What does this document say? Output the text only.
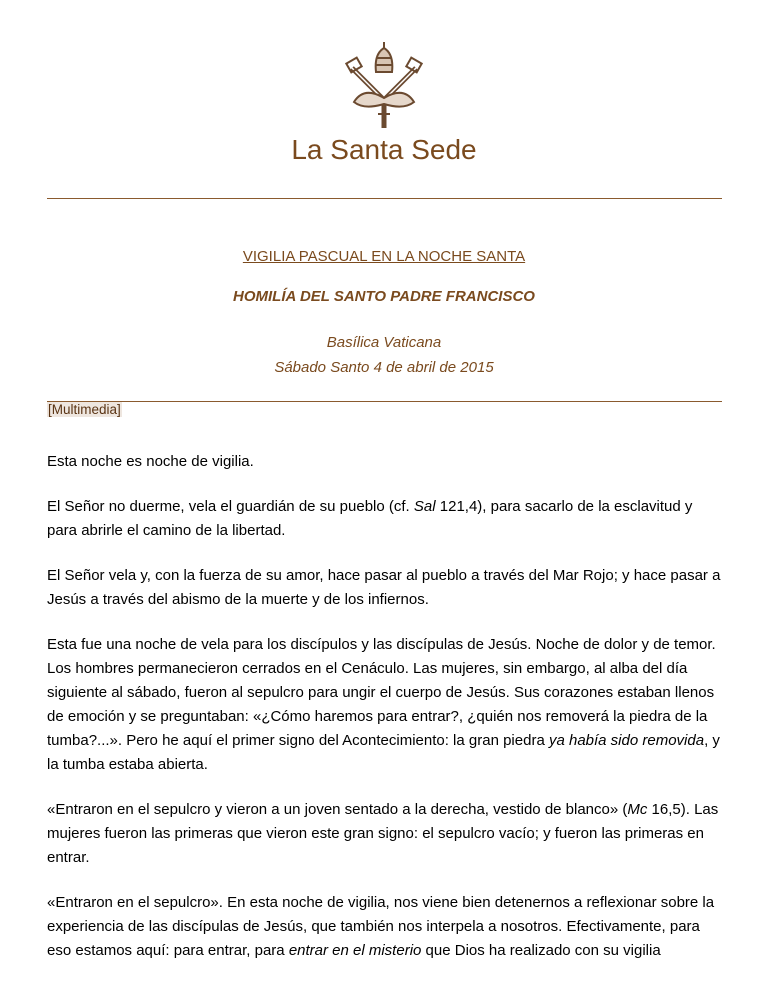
La Santa Sede
VIGILIA PASCUAL EN LA NOCHE SANTA
HOMILÍA DEL SANTO PADRE FRANCISCO
Basílica Vaticana
Sábado Santo 4 de abril de 2015
[Multimedia]

Esta noche es noche de vigilia.

El Señor no duerme, vela el guardián de su pueblo (cf. Sal 121,4), para sacarlo de la esclavitud y para abrirle el camino de la libertad.

El Señor vela y, con la fuerza de su amor, hace pasar al pueblo a través del Mar Rojo; y hace pasar a Jesús a través del abismo de la muerte y de los infiernos.

Esta fue una noche de vela para los discípulos y las discípulas de Jesús. Noche de dolor y de temor. Los hombres permanecieron cerrados en el Cenáculo. Las mujeres, sin embargo, al alba del día siguiente al sábado, fueron al sepulcro para ungir el cuerpo de Jesús. Sus corazones estaban llenos de emoción y se preguntaban: «¿Cómo haremos para entrar?, ¿quién nos removerá la piedra de la tumba?...». Pero he aquí el primer signo del Acontecimiento: la gran piedra ya había sido removida, y la tumba estaba abierta.

«Entraron en el sepulcro y vieron a un joven sentado a la derecha, vestido de blanco» (Mc 16,5). Las mujeres fueron las primeras que vieron este gran signo: el sepulcro vacío; y fueron las primeras en entrar.

«Entraron en el sepulcro». En esta noche de vigilia, nos viene bien detenernos a reflexionar sobre la experiencia de las discípulas de Jesús, que también nos interpela a nosotros. Efectivamente, para eso estamos aquí: para entrar, para entrar en el misterio que Dios ha realizado con su vigilia
